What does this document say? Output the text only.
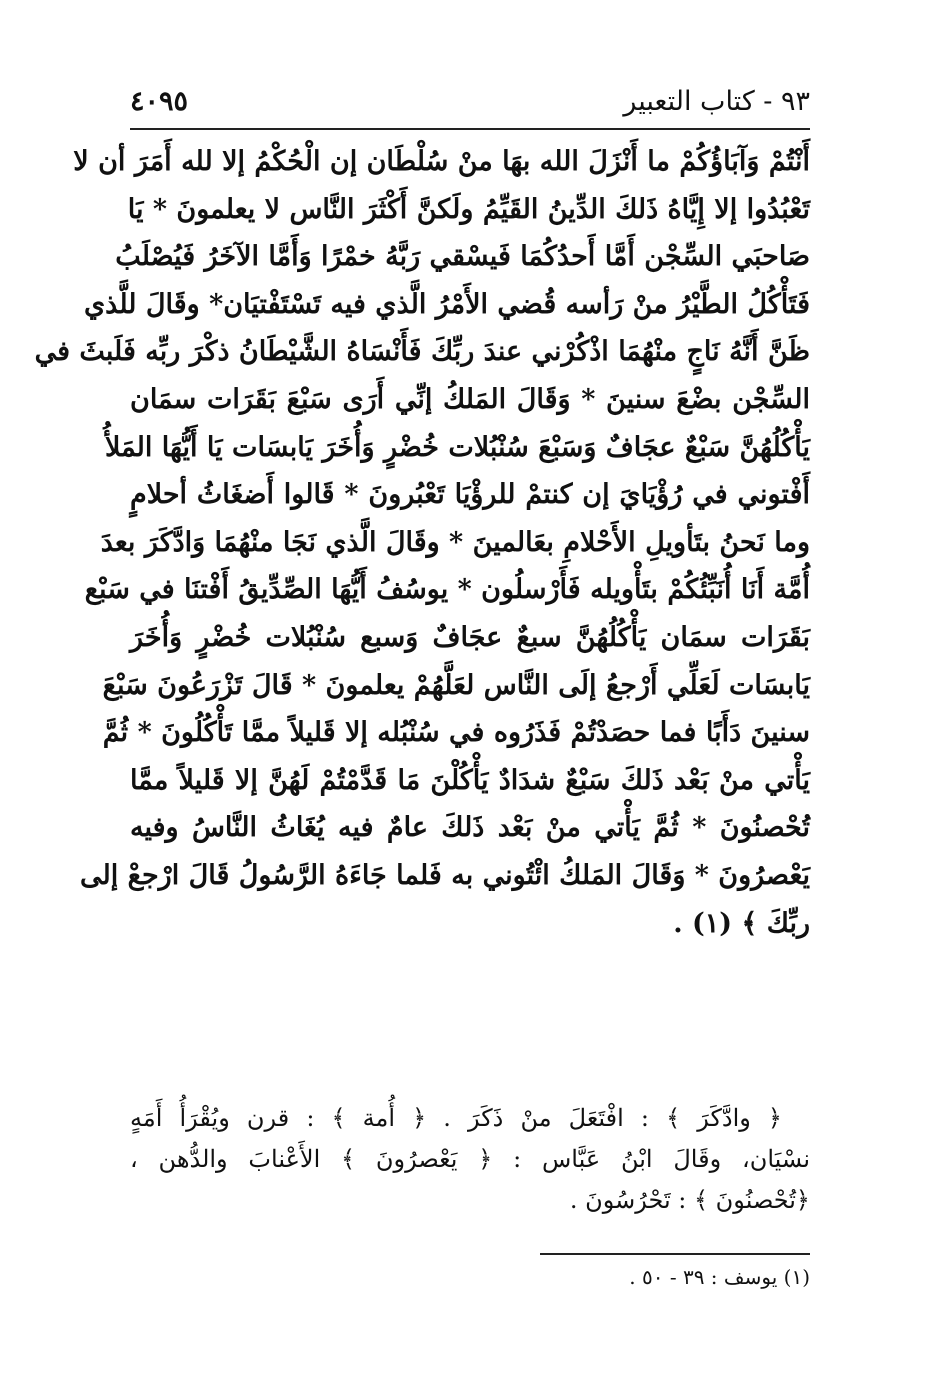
٩٣ - كتاب التعبير
٤٠٩٥
أَنْتُمْ وَآبَاؤُكُمْ ما أَنْزَلَ الله بهَا منْ سُلْطَان إن الْحُكْمُ إلا لله أَمَرَ أن لا
تَعْبُدُوا إلا إِيَّاهُ ذَلكَ الدِّينُ القَيِّمُ ولَكنَّ أَكْثَرَ النَّاس لا يعلمونَ * يَا
صَاحبَي السِّجْن أَمَّا أَحدُكُمَا فَيسْقي رَبَّهُ خمْرًا وَأَمَّا الآخَرُ فَيُصْلَبُ
فَتَأْكُلُ الطَّيْرُ منْ رَأسه قُضي الأَمْرُ الَّذي فيه تَسْتَفْتيَان* وقَالَ للَّذي
ظَنَّ أَنَّهُ نَاجٍ منْهُمَا اذْكُرْني عندَ ربِّكَ فَأَنْسَاهُ الشَّيْطَانُ ذكْرَ ربِّه فَلَبثَ في
السِّجْن بضْعَ سنينَ * وَقَالَ المَلكُ إنِّي أَرَى سَبْعَ بَقَرَات سمَان
يَأْكُلُهُنَّ سَبْعٌ عجَافٌ وَسَبْعَ سُنْبُلات خُضْرٍ وَأُخَرَ يَابسَات يَا أَيُّهَا المَلأُ
أَفْتوني في رُؤْيَايَ إن كنتمْ للرؤْيَا تَعْبُرونَ * قَالوا أَضغَاثُ أحلامٍ
وما نَحنُ بتَأويلِ الأَحْلامِ بعَالمينَ * وقَالَ الَّذي نَجَا منْهُمَا وَادَّكَرَ بعدَ
أُمَّة أَنَا أُنَبِّئُكُمْ بتَأْويله فَأَرْسلُون * يوسُفُ أَيُّهَا الصِّدِّيقُ أَفْتنَا في سَبْع
بَقَرَات سمَان يَأْكُلُهُنَّ سبعٌ عجَافٌ وَسبع سُنْبُلات خُضْرٍ وَأُخَرَ
يَابسَات لَعَلِّي أَرْجعُ إلَى النَّاس لعَلَّهُمْ يعلمونَ * قَالَ تَزْرَعُونَ سَبْعَ
سنينَ دَأَبًا فما حصَدْتُمْ فَذَرُوه في سُنْبُله إلا قَليلاً ممَّا تَأْكُلُونَ * ثُمَّ
يَأْتي منْ بَعْد ذَلكَ سَبْعٌ شدَادٌ يَأْكُلْنَ مَا قَدَّمْتُمْ لَهُنَّ إلا قَليلاً ممَّا
تُحْصنُونَ * ثُمَّ يَأْتي منْ بَعْد ذَلكَ عامٌ فيه يُغَاثُ النَّاسُ وفيه
يَعْصرُونَ * وَقَالَ المَلكُ ائْتُوني به فَلما جَاءَهُ الرَّسُولُ قَالَ ارْجعْ إلى
ربِّكَ ﴾ (١) .
﴿ وادَّكَرَ ﴾ : افْتَعَلَ منْ ذَكَرَ . ﴿ أُمة ﴾ : قرن ويُقْرَأُ أَمَهٍ
نسْيَان، وقَالَ ابْنُ عَبَّاس : ﴿ يَعْصرُونَ ﴾ الأَعْنابَ والدُّهن ،
﴿تُحْصنُونَ ﴾ : تَحْرُسُونَ .
(١) يوسف : ٣٩ - ٥٠ .
